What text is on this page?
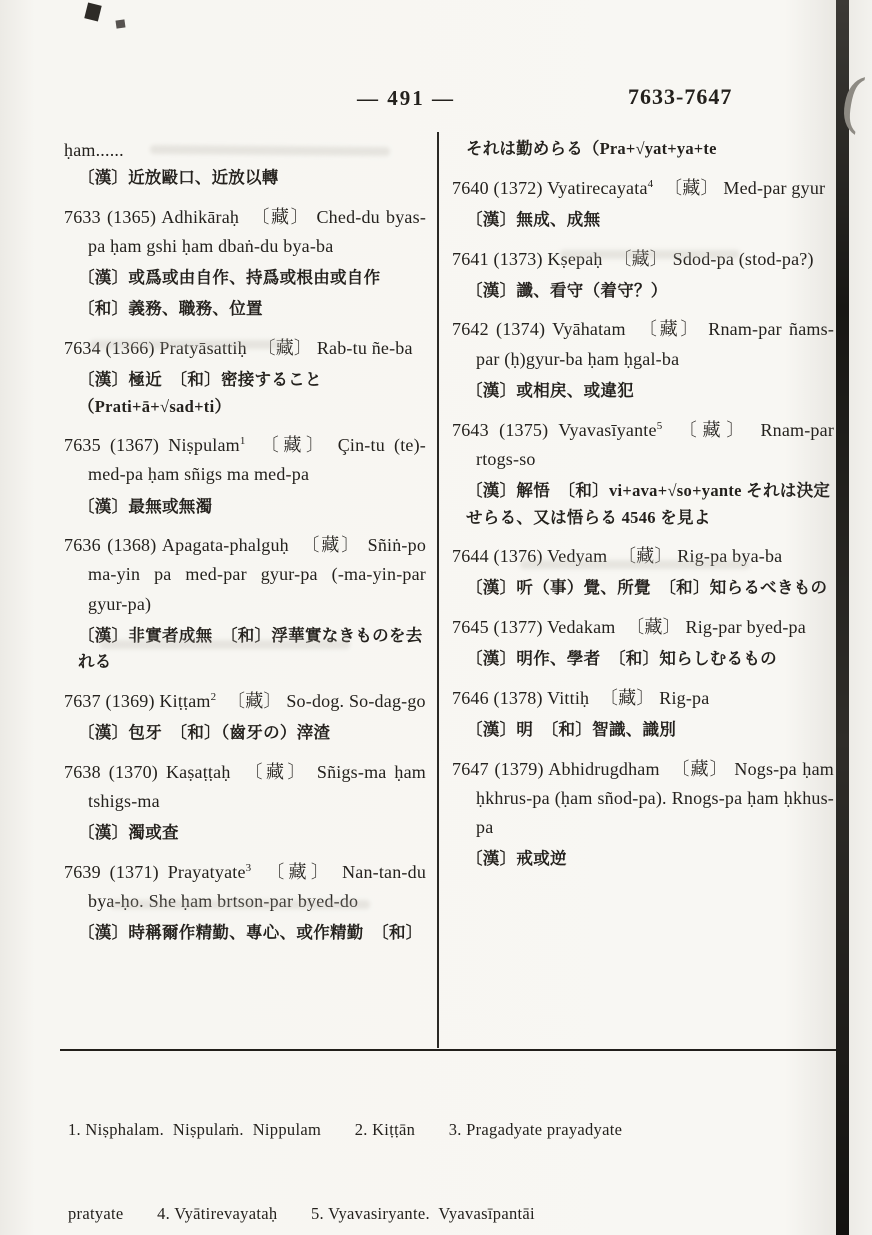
— 491 —	7633-7647

ḥam......

〔漢〕近放毆口、近放以轉

7633 (1365) Adhikāraḥ 〔藏〕 Ched-du byas-pa ḥam gshi ḥam dbaṅ-du bya-ba

〔漢〕或爲或由自作、持爲或根由或自作

〔和〕義務、職務、位置

7634 (1366) Pratyāsattiḥ 〔藏〕 Rab-tu ñe-ba

〔漢〕極近　〔和〕密接すること（Prati+ā+√sad+ti）

7635 (1367) Niṣpulam$^1$ 〔藏〕 Çin-tu (te)-med-pa ḥam sñigs ma med-pa

〔漢〕最無或無濁

7636 (1368) Apagata-phalguḥ 〔藏〕 Sñiṅ-po ma-yin pa med-par gyur-pa (-ma-yin-par gyur-pa)

〔漢〕非實者成無　〔和〕浮華實なきものを去れる

7637 (1369) Kiṭṭam$^2$ 〔藏〕 So-dog. So-dag-go

〔漢〕包牙　〔和〕（齒牙の）滓渣

7638 (1370) Kaṣaṭṭaḥ 〔藏〕 Sñigs-ma ḥam tshigs-ma

〔漢〕濁或査

7639 (1371) Prayatyate$^3$ 〔藏〕 Nan-tan-du bya-ḥo. She ḥam brtson-par byed-do

〔漢〕時稱爾作精勤、專心、或作精勤　〔和〕

それは勤めらる（Pra+√yat+ya+te

7640 (1372) Vyatirecayata$^4$ 〔藏〕 Med-par gyur

〔漢〕無成、成無

7641 (1373) Kṣepaḥ 〔藏〕 Sdod-pa (stod-pa?)

〔漢〕讖、看守（着守？）

7642 (1374) Vyāhatam 〔藏〕 Rnam-par ñams-par (ḥ)gyur-ba ḥam ḥgal-ba

〔漢〕或相戻、或違犯

7643 (1375) Vyavasīyante$^5$ 〔藏〕 Rnam-par rtogs-so

〔漢〕解悟　〔和〕vi+ava+√so+yante それは決定せらる、又は悟らる 4546 を見よ

7644 (1376) Vedyam 〔藏〕 Rig-pa bya-ba

〔漢〕听（事）覺、所覺　〔和〕知らるべきもの

7645 (1377) Vedakam 〔藏〕 Rig-par byed-pa

〔漢〕明作、學者　〔和〕知らしむるもの

7646 (1378) Vittiḥ 〔藏〕 Rig-pa

〔漢〕明　〔和〕智識、識別

7647 (1379) Abhidrugdham 〔藏〕 Nogs-pa ḥam ḥkhrus-pa (ḥam sñod-pa). Rnogs-pa ḥam ḥkhus-pa

〔漢〕戒或逆

1. Niṣphalam.  Niṣpulaṁ.  Nippulam　　2. Kiṭṭān　　3. Pragadyate prayadyate

pratyate　　4. Vyātirevayataḥ　　5. Vyavasiryante.  Vyavasīpantāi

(
